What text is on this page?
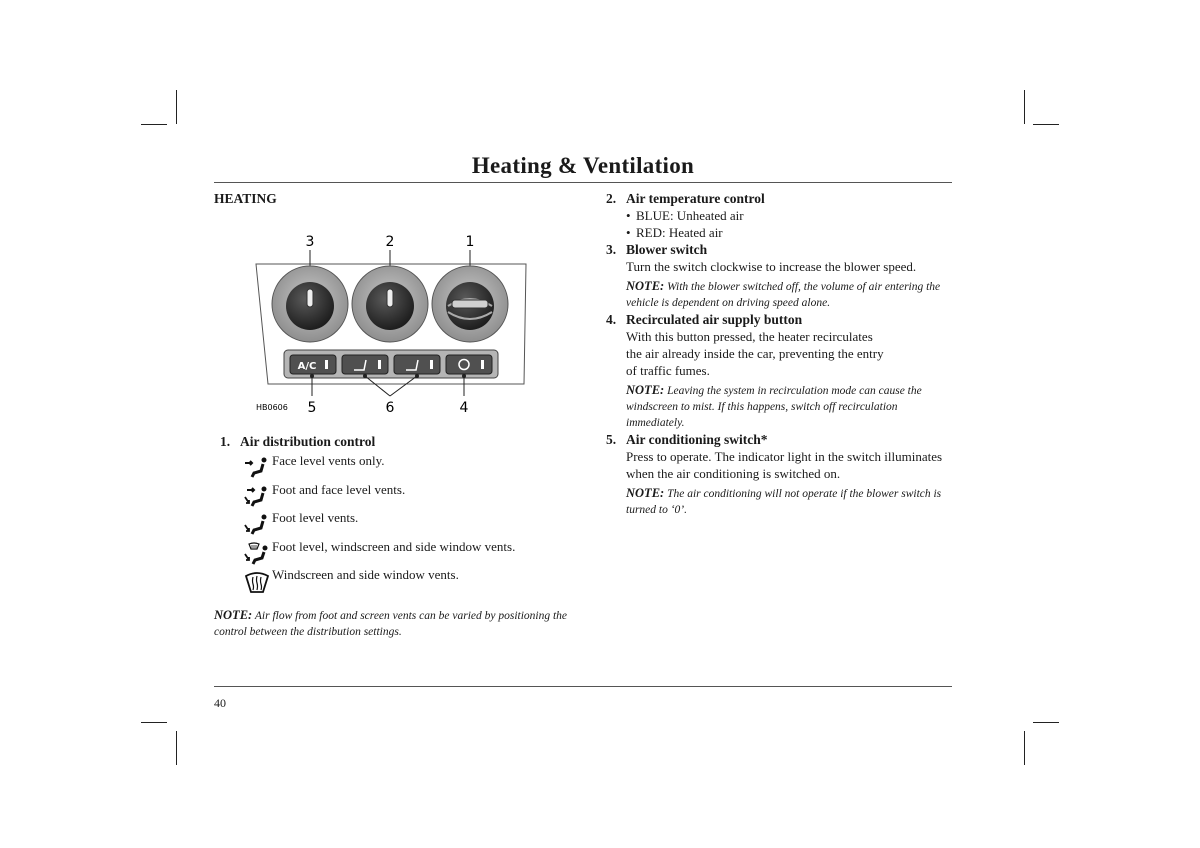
Heating & Ventilation
HEATING
3	2	1
A/C
5	6	4
HB0606
1. Air distribution control
Face level vents only.
Foot and face level vents.
Foot level vents.
Foot level, windscreen and side window vents.
Windscreen and side window vents.
NOTE: Air flow from foot and screen vents can be varied by positioning the control between the distribution settings.
2. Air temperature control
• BLUE: Unheated air
• RED: Heated air
3. Blower switch
Turn the switch clockwise to increase the blower speed.
NOTE: With the blower switched off, the volume of air entering the vehicle is dependent on driving speed alone.
4. Recirculated air supply button
With this button pressed, the heater recirculates
the air already inside the car, preventing the entry
of traffic fumes.
NOTE: Leaving the system in recirculation mode can cause the windscreen to mist. If this happens, switch off recirculation immediately.
5. Air conditioning switch*
Press to operate. The indicator light in the switch illuminates when the air conditioning is switched on.
NOTE: The air conditioning will not operate if the blower switch is turned to ‘0’.
40
